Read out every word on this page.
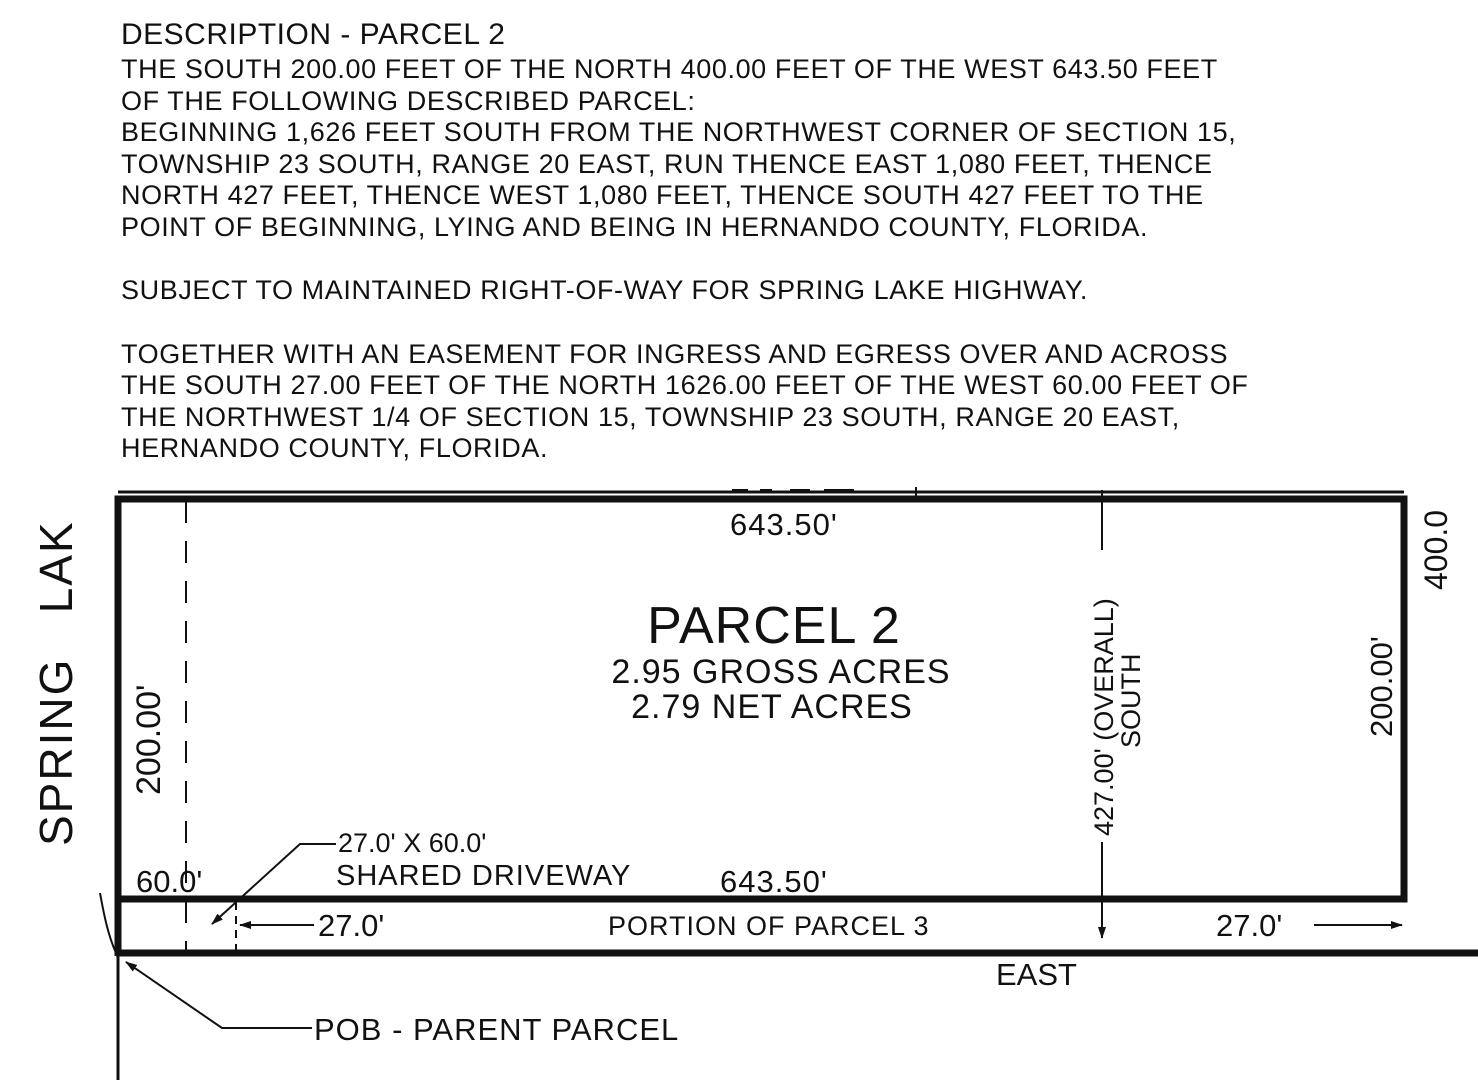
DESCRIPTION - PARCEL 2
THE SOUTH 200.00 FEET OF THE NORTH 400.00 FEET OF THE WEST 643.50 FEET
OF THE FOLLOWING DESCRIBED PARCEL:
BEGINNING 1,626 FEET SOUTH FROM THE NORTHWEST CORNER OF SECTION 15,
TOWNSHIP 23 SOUTH, RANGE 20 EAST, RUN THENCE EAST 1,080 FEET, THENCE
NORTH 427 FEET, THENCE WEST 1,080 FEET, THENCE SOUTH 427 FEET TO THE
POINT OF BEGINNING, LYING AND BEING IN HERNANDO COUNTY, FLORIDA.
SUBJECT TO MAINTAINED RIGHT-OF-WAY FOR SPRING LAKE HIGHWAY.
TOGETHER WITH AN EASEMENT FOR INGRESS AND EGRESS OVER AND ACROSS
THE SOUTH 27.00 FEET OF THE NORTH 1626.00 FEET OF THE WEST 60.00 FEET OF
THE NORTHWEST 1/4 OF SECTION 15, TOWNSHIP 23 SOUTH, RANGE 20 EAST,
HERNANDO COUNTY, FLORIDA.
SPRING   LAK 200.00'
643.50'
PARCEL 2
2.95 GROSS ACRES
2.79 NET ACRES	427.00' (OVERALL)
SOUTH	200.00'
400.0
60.0'
27.0' X 60.0'
SHARED DRIVEWAY	643.50'
27.0'	PORTION OF PARCEL 3	27.0'
EAST
POB - PARENT PARCEL
